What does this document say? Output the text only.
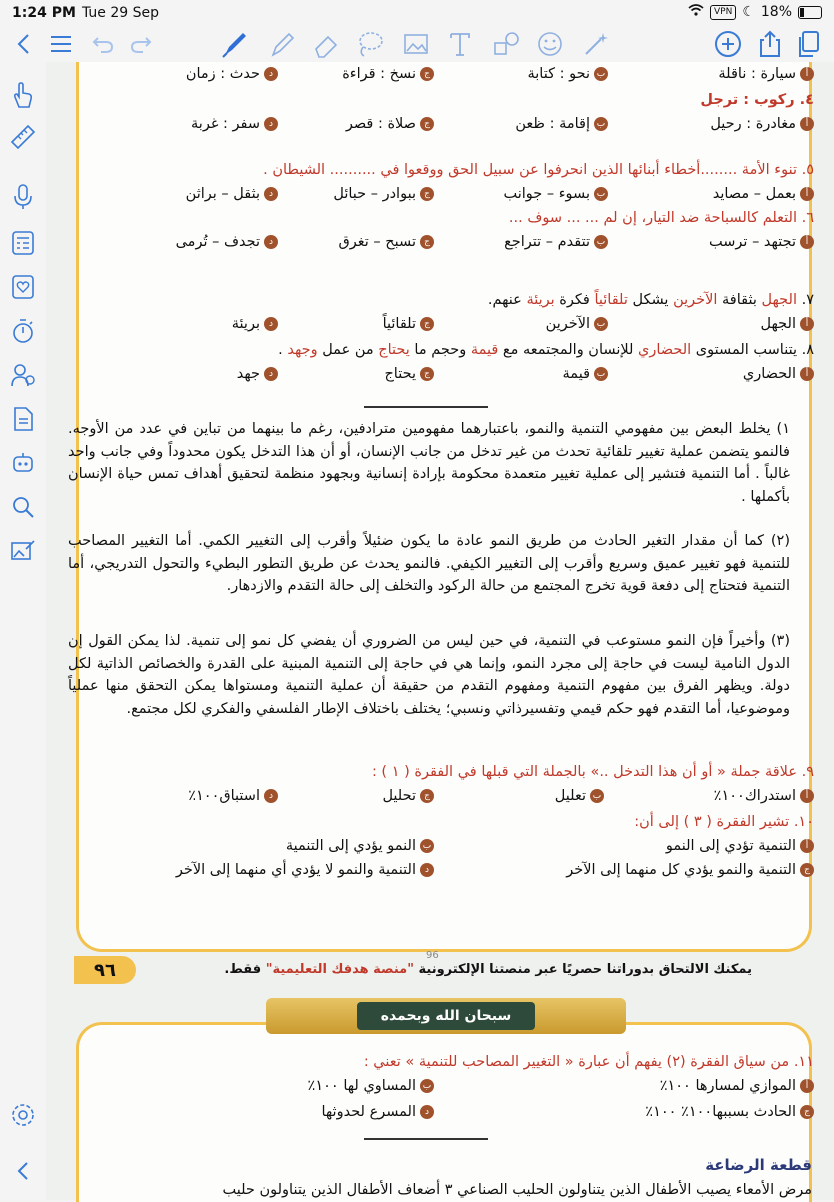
1:24 PM Tue 29 Sep	VPN ☾ 18%
أ
سيارة : ناقلة
ب
نحو : كتابة
ج
نسخ : قراءة
د
حدث : زمان
٤. ركوب : ترجل
أ
مغادرة : رحيل
ب
إقامة : ظعن
ج
صلاة : قصر
د
سفر : غربة
٥. تنوء الأمة ........أخطاء أبنائها الذين انحرفوا عن سبيل الحق ووقعوا في .......... الشيطان .
أ
بعمل – مصايد
ب
بسوء – جوانب
ج
ببوادر – حبائل
د
بثقل – براثن
٦. التعلم كالسباحة ضد التيار، إن لم ... ... سوف ...
أ
تجتهد – ترسب
ب
تتقدم – تتراجع
ج
تسبح – تغرق
د
تجدف – تُرمى
٧. الجهل بثقافة الآخرين يشكل تلقائياً فكرة بريئة عنهم.
أ
الجهل
ب
الآخرين
ج
تلقائياً
د
بريئة
٨. يتناسب المستوى الحضاري للإنسان والمجتمعه مع قيمة وحجم ما يحتاج من عمل وجهد .
أ
الحضاري
ب
قيمة
ج
يحتاج
د
جهد
١) يخلط البعض بين مفهومي التنمية والنمو، باعتبارهما مفهومين مترادفين، رغم ما بينهما من تباين في عدد من الأوجه. فالنمو يتضمن عملية تغيير تلقائية تحدث من غير تدخل من جانب الإنسان، أو أن هذا التدخل يكون محدوداً وفي جانب واحد غالباً . أما التنمية فتشير إلى عملية تغيير متعمدة محكومة بإرادة إنسانية وبجهود منظمة لتحقيق أهداف تمس حياة الإنسان بأكملها .
(٢) كما أن مقدار التغير الحادث من طريق النمو عادة ما يكون ضئيلاً وأقرب إلى التغيير الكمي. أما التغيير المصاحب للتنمية فهو تغيير عميق وسريع وأقرب إلى التغيير الكيفي. فالنمو يحدث عن طريق التطور البطيء والتحول التدريجي، أما التنمية فتحتاج إلى دفعة قوية تخرج المجتمع من حالة الركود والتخلف إلى حالة التقدم والازدهار.
(٣) وأخيراً فإن النمو مستوعب في التنمية، في حين ليس من الضروري أن يفضي كل نمو إلى تنمية. لذا يمكن القول إن الدول النامية ليست في حاجة إلى مجرد النمو، وإنما هي في حاجة إلى التنمية المبنية على القدرة والخصائص الذاتية لكل دولة. ويظهر الفرق بين مفهوم التنمية ومفهوم التقدم من حقيقة أن عملية التنمية ومستواها يمكن التحقق منها عملياً وموضوعيا، أما التقدم فهو حكم قيمي وتفسيرذاتي ونسبي؛ يختلف باختلاف الإطار الفلسفي والفكري لكل مجتمع.
٩. علاقة جملة « أو أن هذا التدخل ..» بالجملة التي قبلها في الفقرة ( ١ ) :
أ
استدراك١٠٠٪
ب
تعليل
ج
تحليل
د
استباق١٠٠٪
١٠. تشير الفقرة ( ٣ ) إلى أن:
أ
التنمية تؤدي إلى النمو
ب
النمو يؤدي إلى التنمية
ج
التنمية والنمو يؤدي كل منهما إلى الآخر
د
التنمية والنمو لا يؤدي أي منهما إلى الآخر
96
٩٦	يمكنك الالتحاق بدوراتنا حصريًا عبر منصتنا الإلكترونية "منصة هدفك التعليمية" فقط.
سبحان الله وبحمده
١١. من سياق الفقرة (٢) يفهم أن عبارة « التغيير المصاحب للتنمية » تعني :
أ
الموازي لمسارها ١٠٠٪
ب
المساوي لها ١٠٠٪
ج
الحادث بسببها١٠٠٪ ١٠٠٪
د
المسرع لحدوثها
قطعة الرضاعة
مرض الأمعاء يصيب الأطفال الذين يتناولون الحليب الصناعي ٣ أضعاف الأطفال الذين يتناولون حليب
